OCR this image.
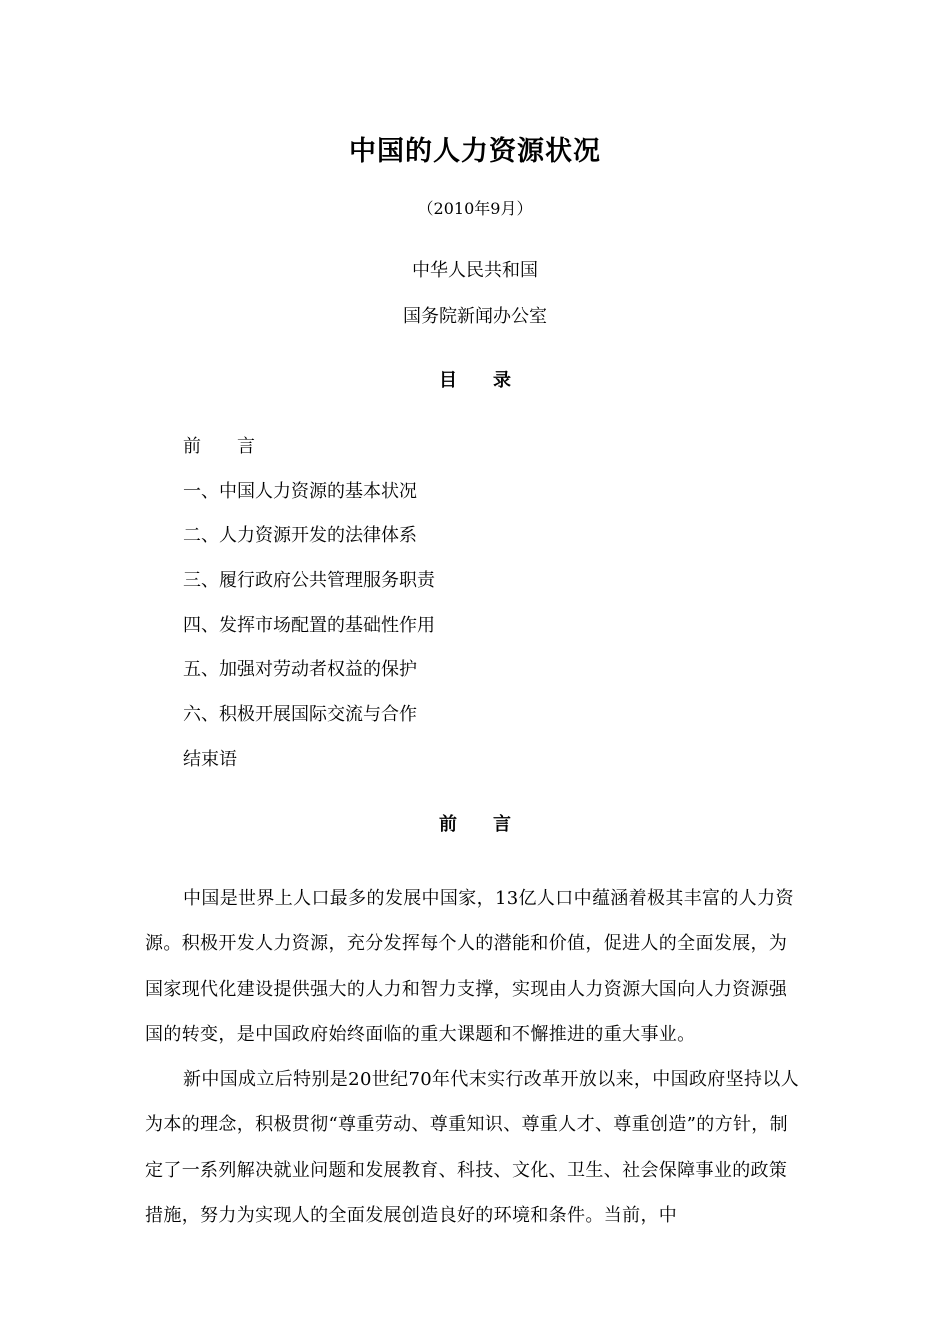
中国的人力资源状况
（2010年9月）
中华人民共和国
国务院新闻办公室
目　　录
前　　言
一、中国人力资源的基本状况
二、人力资源开发的法律体系
三、履行政府公共管理服务职责
四、发挥市场配置的基础性作用
五、加强对劳动者权益的保护
六、积极开展国际交流与合作
结束语
前　　言

中国是世界上人口最多的发展中国家，13亿人口中蕴涵着极其丰富的人力资源。积极开发人力资源，充分发挥每个人的潜能和价值，促进人的全面发展，为国家现代化建设提供强大的人力和智力支撑，实现由人力资源大国向人力资源强国的转变，是中国政府始终面临的重大课题和不懈推进的重大事业。

新中国成立后特别是20世纪70年代末实行改革开放以来，中国政府坚持以人为本的理念，积极贯彻“尊重劳动、尊重知识、尊重人才、尊重创造”的方针，制定了一系列解决就业问题和发展教育、科技、文化、卫生、社会保障事业的政策措施，努力为实现人的全面发展创造良好的环境和条件。当前，中
